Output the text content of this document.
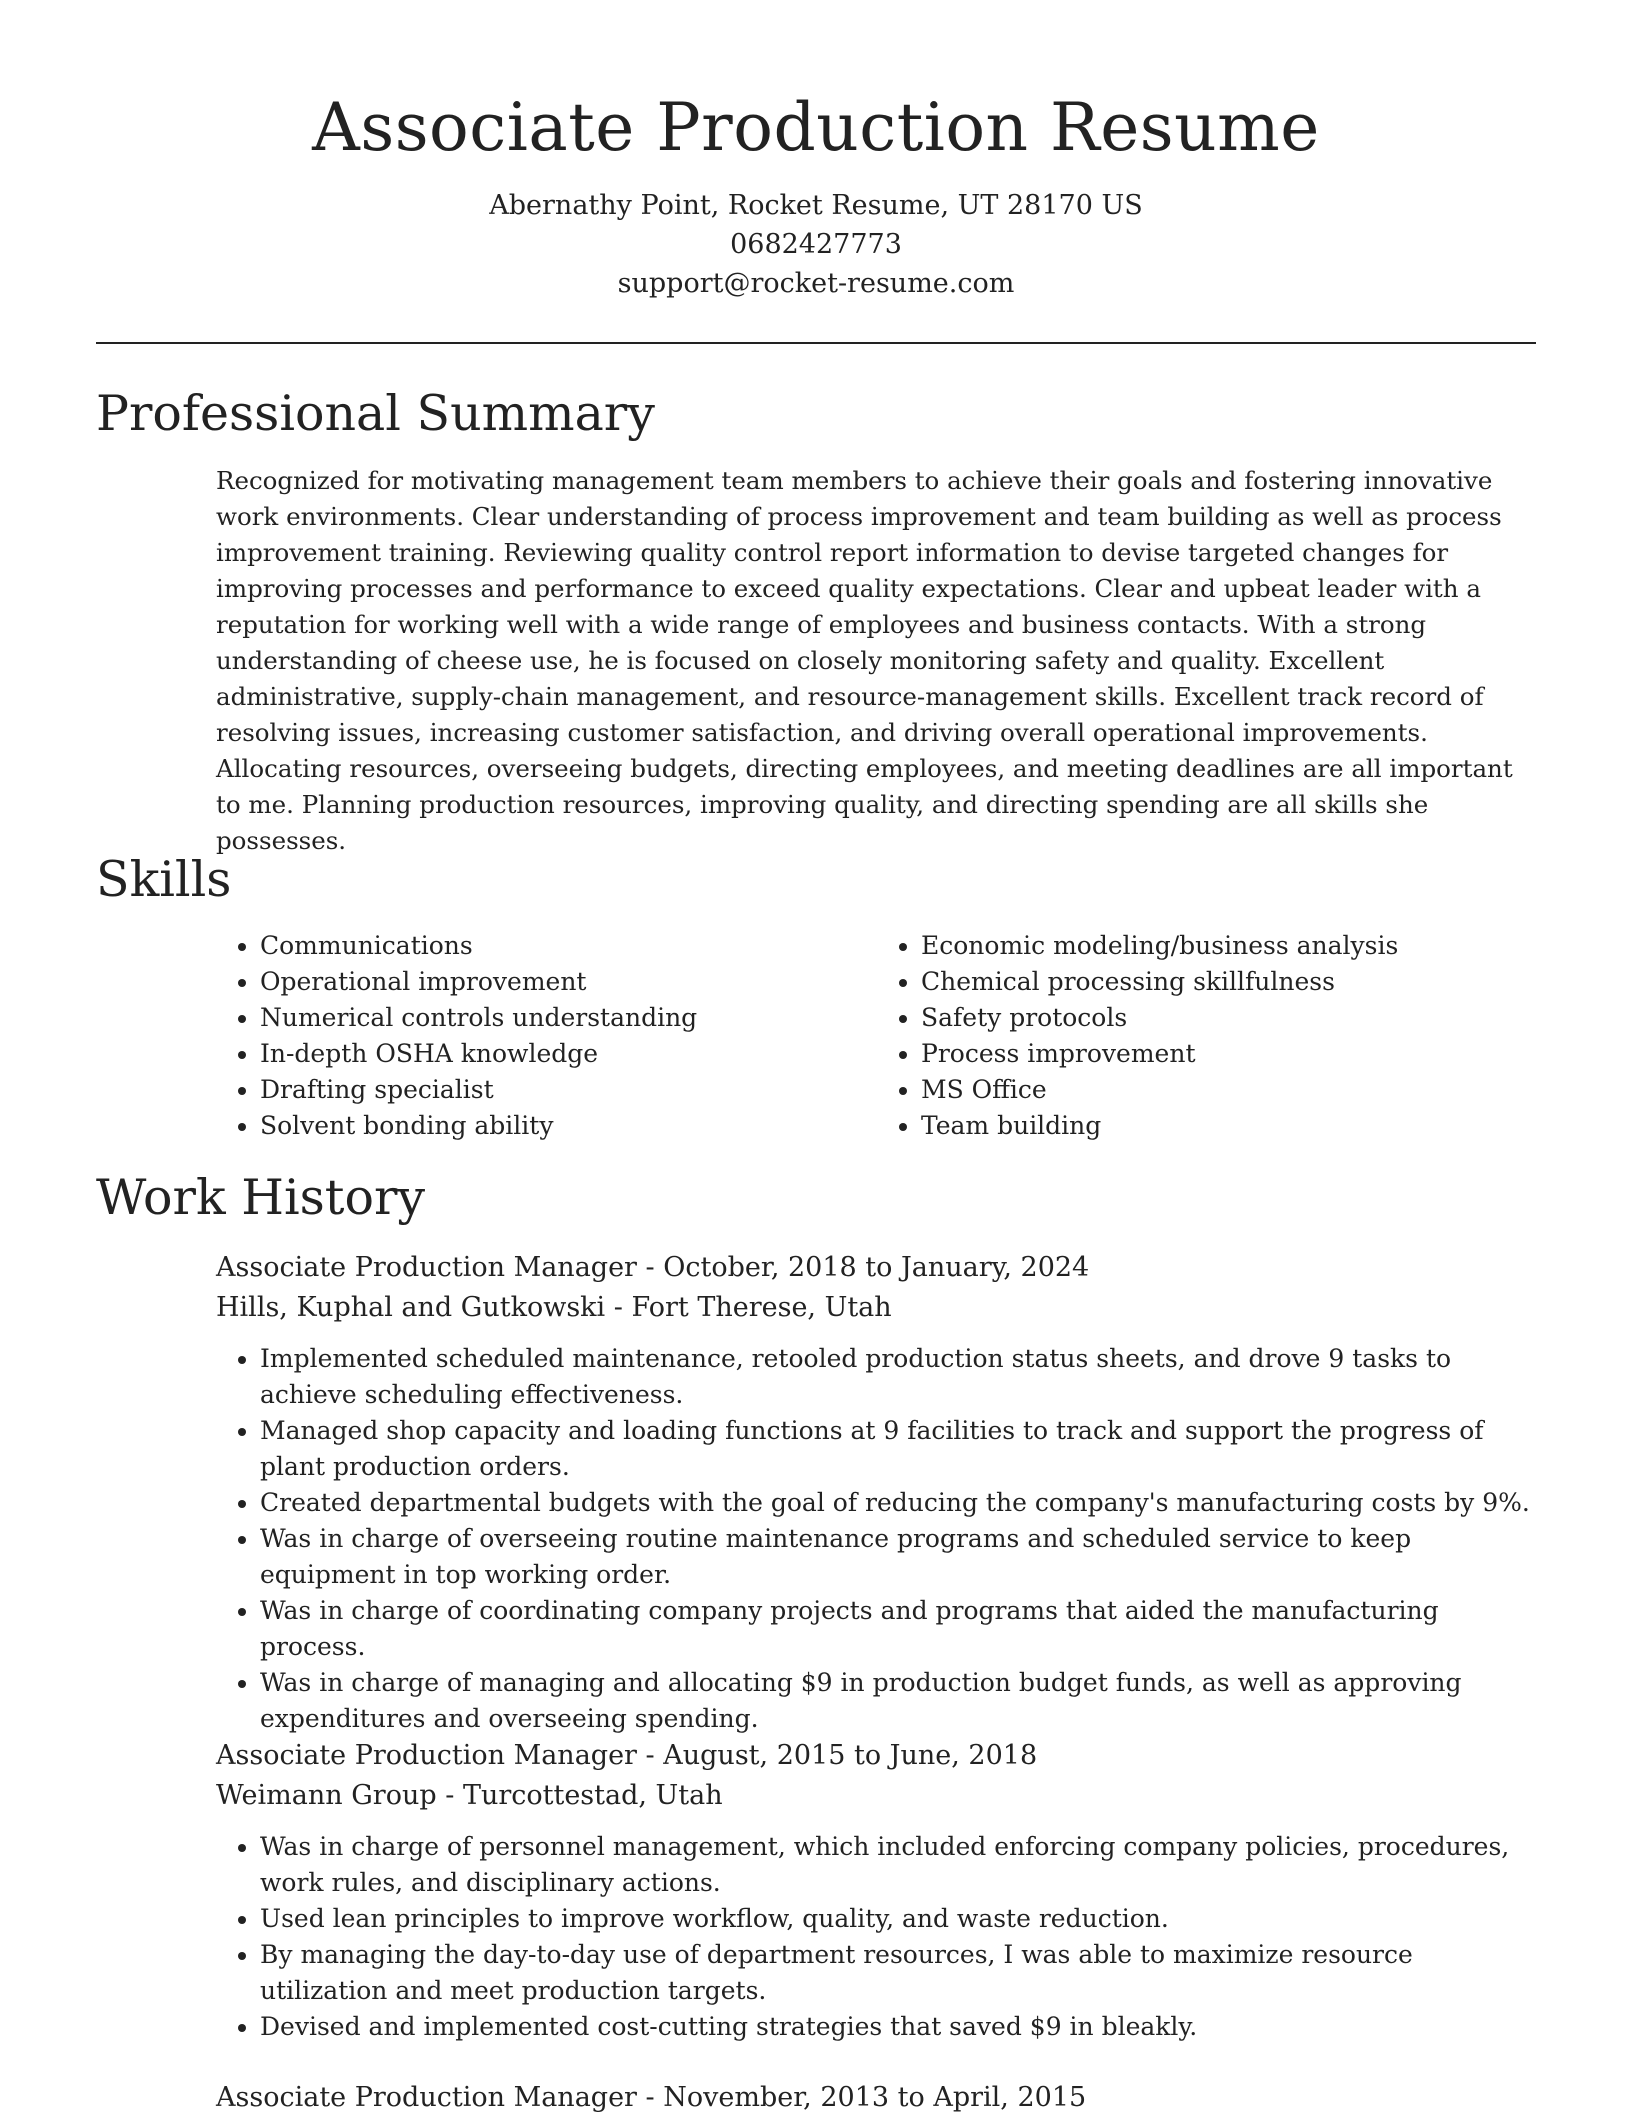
Associate Production Resume

Abernathy Point, Rocket Resume, UT 28170 US

0682427773

support@rocket-resume.com

Professional Summary

Recognized for motivating management team members to achieve their goals and fostering innovative work environments. Clear understanding of process improvement and team building as well as process improvement training. Reviewing quality control report information to devise targeted changes for improving processes and performance to exceed quality expectations. Clear and upbeat leader with a reputation for working well with a wide range of employees and business contacts. With a strong understanding of cheese use, he is focused on closely monitoring safety and quality. Excellent administrative, supply-chain management, and resource-management skills. Excellent track record of resolving issues, increasing customer satisfaction, and driving overall operational improvements. Allocating resources, overseeing budgets, directing employees, and meeting deadlines are all important to me. Planning production resources, improving quality, and directing spending are all skills she possesses.

Skills
• Communications
• Operational improvement
• Numerical controls understanding
• In-depth OSHA knowledge
• Drafting specialist
• Solvent bonding ability
• Economic modeling/business analysis
• Chemical processing skillfulness
• Safety protocols
• Process improvement
• MS Office
• Team building
Work History

Associate Production Manager - October, 2018 to January, 2024

Hills, Kuphal and Gutkowski - Fort Therese, Utah

• Implemented scheduled maintenance, retooled production status sheets, and drove 9 tasks to achieve scheduling effectiveness.
• Managed shop capacity and loading functions at 9 facilities to track and support the progress of plant production orders.
• Created departmental budgets with the goal of reducing the company's manufacturing costs by 9%.
• Was in charge of overseeing routine maintenance programs and scheduled service to keep equipment in top working order.
• Was in charge of coordinating company projects and programs that aided the manufacturing process.
• Was in charge of managing and allocating $9 in production budget funds, as well as approving expenditures and overseeing spending.

Associate Production Manager - August, 2015 to June, 2018

Weimann Group - Turcottestad, Utah

• Was in charge of personnel management, which included enforcing company policies, procedures, work rules, and disciplinary actions.
• Used lean principles to improve workflow, quality, and waste reduction.
• By managing the day-to-day use of department resources, I was able to maximize resource utilization and meet production targets.
• Devised and implemented cost-cutting strategies that saved $9 in bleakly.

Associate Production Manager - November, 2013 to April, 2015
